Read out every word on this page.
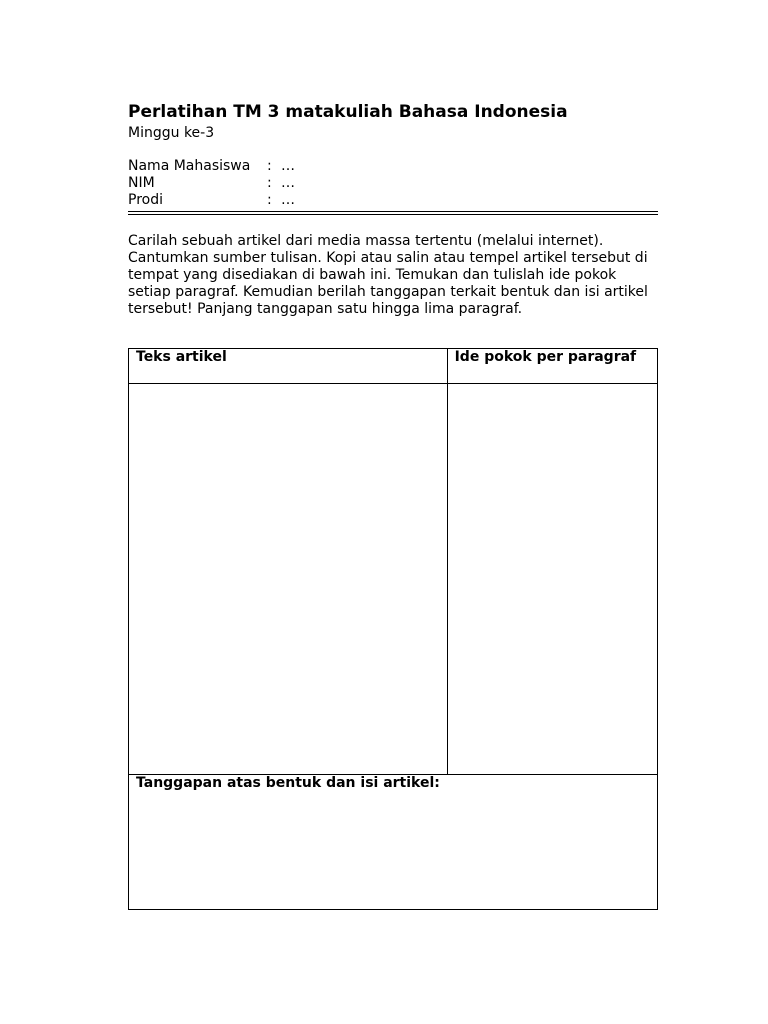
Perlatihan TM 3 matakuliah Bahasa Indonesia

Minggu ke-3

Nama Mahasiswa	: …
NIM	: …
Prodi	: …

Carilah sebuah artikel dari media massa tertentu (melalui internet). Cantumkan sumber tulisan. Kopi atau salin atau tempel artikel tersebut di tempat yang disediakan di bawah ini. Temukan dan tulislah ide pokok setiap paragraf. Kemudian berilah tanggapan terkait bentuk dan isi artikel tersebut! Panjang tanggapan satu hingga lima paragraf.

Teks artikel	Ide pokok per paragraf

Tanggapan atas bentuk dan isi artikel:	
